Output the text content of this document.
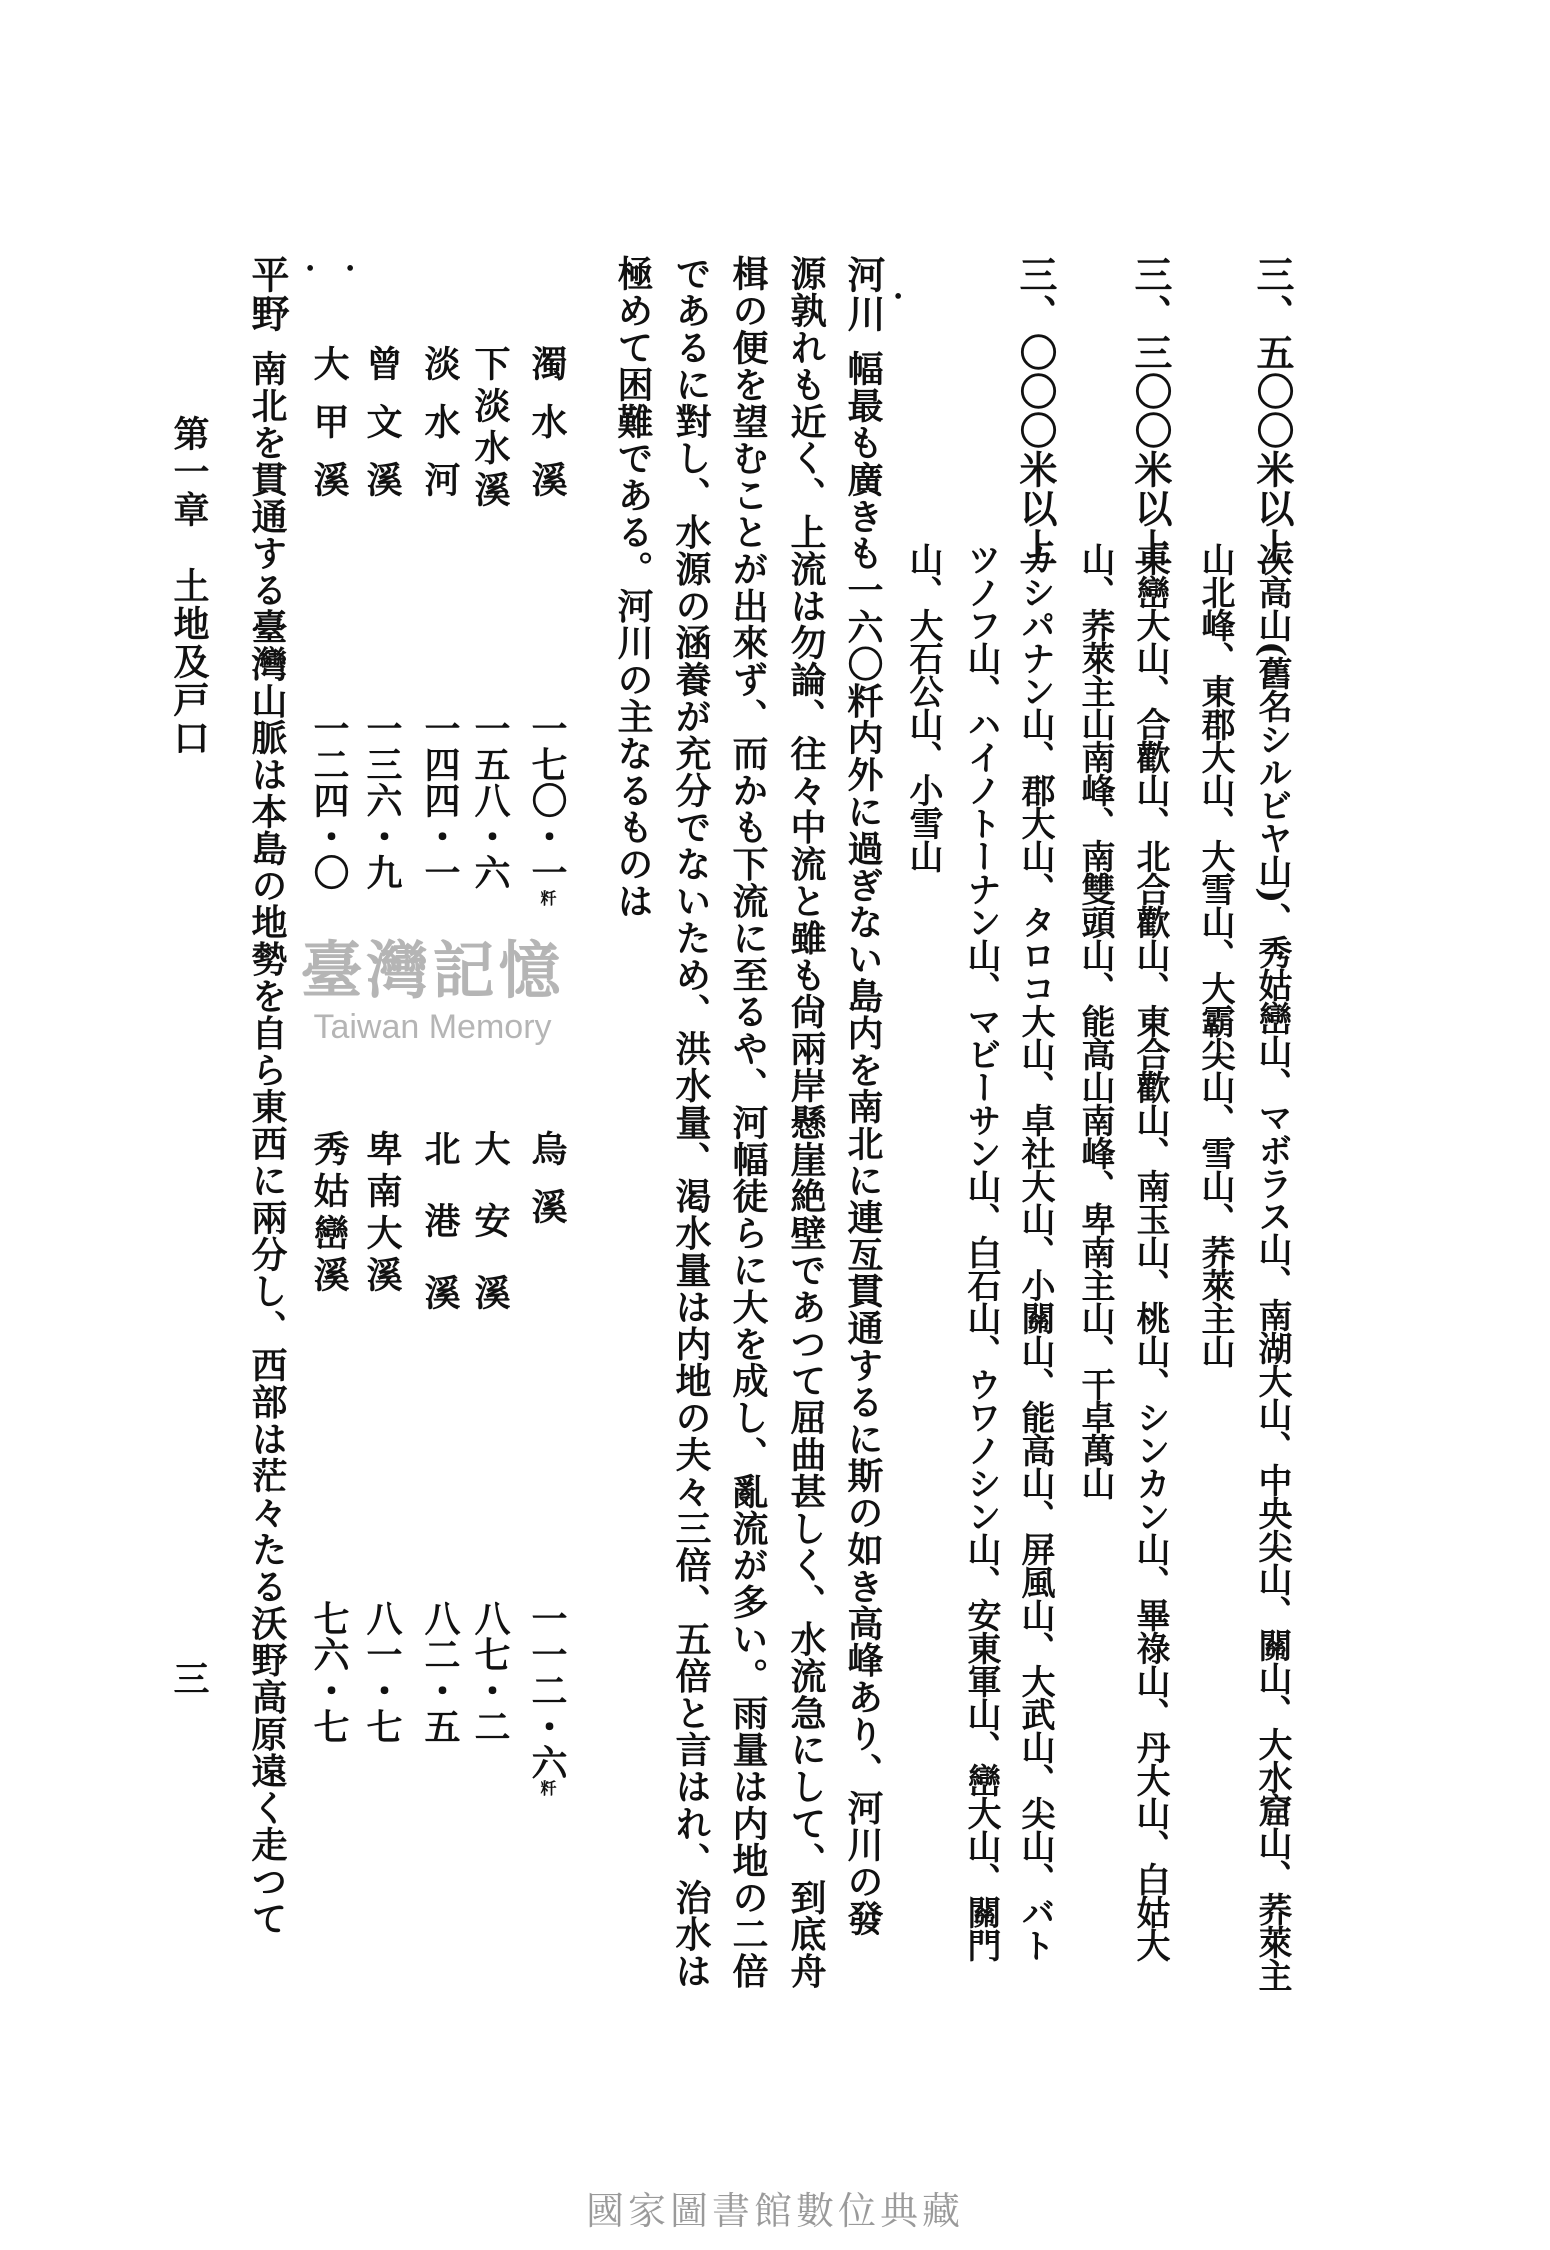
三、五〇〇米以上
次高山(舊名シルビヤ山)、秀姑巒山、マボラス山、南湖大山、中央尖山、關山、大水窟山、荞萊主
山北峰、東郡大山、大雪山、大霸尖山、雪山、荞萊主山
三、三〇〇米以上
東巒大山、合歡山、北合歡山、東合歡山、南玉山、桃山、シンカン山、畢祿山、丹大山、白姑大
山、荞萊主山南峰、南雙頭山、能高山南峰、卑南主山、干卓萬山
三、〇〇〇米以上
カシパナン山、郡大山、タロコ大山、卓社大山、小關山、能高山、屏風山、大武山、尖山、バト
ツノフ山、ハイノトーナン山、マビーサン山、白石山、ウワノシン山、安東軍山、巒大山、關門
山、大石公山、小雪山
•
河川
幅最も廣きも一六〇粁内外に過ぎない島内を南北に連亙貫通するに斯の如き高峰あり、河川の發
源孰れも近く、上流は勿論、往々中流と雖も尙兩岸懸崖絶壁であつて屈曲甚しく、水流急にして、到底舟
楫の便を望むことが出來ず、而かも下流に至るや、河幅徒らに大を成し、亂流が多い。雨量は内地の二倍
であるに對し、水源の涵養が充分でないため、洪水量、渇水量は内地の夫々三倍、五倍と言はれ、治水は
極めて困難である。河川の主なるものは
濁水溪
一七〇・一粁
烏溪
一一二・六粁
下淡水溪
一五八・六
大安溪
八七・二
淡水河
一四四・一
北港溪
八二・五
曾文溪
一三六・九
卑南大溪
八一・七
大甲溪
一二四・〇
秀姑巒溪
七六・七
•
•
平野
南北を貫通する臺灣山脈は本島の地勢を自ら東西に兩分し、西部は茫々たる沃野高原遠く走つて
第一章　土地及戸口
三
臺灣記憶
Taiwan Memory
國家圖書館數位典藏
